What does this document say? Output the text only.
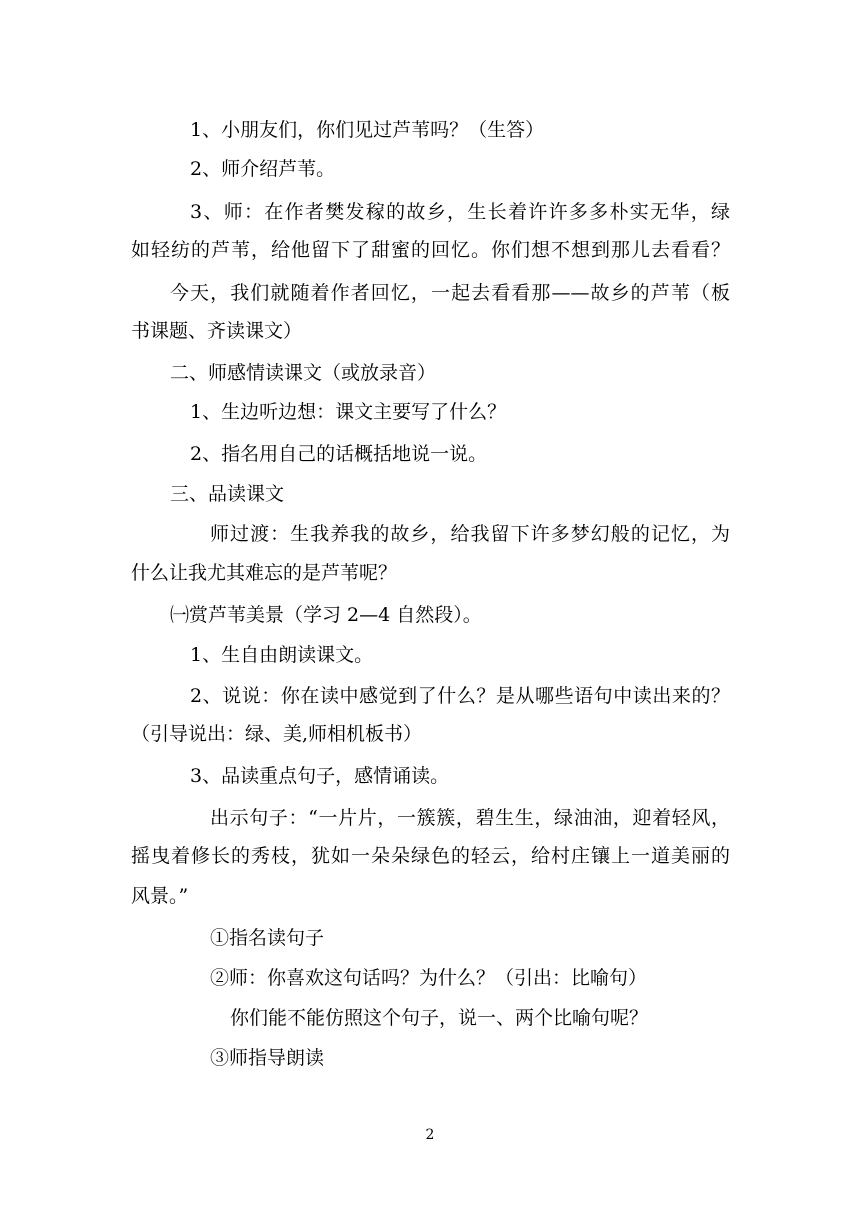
1、小朋友们，你们见过芦苇吗？（生答）
2、师介绍芦苇。
3、师：在作者樊发稼的故乡，生长着许许多多朴实无华，绿
如轻纺的芦苇，给他留下了甜蜜的回忆。你们想不想到那儿去看看？
今天，我们就随着作者回忆，一起去看看那——故乡的芦苇（板
书课题、齐读课文）
二、师感情读课文（或放录音）
1、生边听边想：课文主要写了什么？
2、指名用自己的话概括地说一说。
三、品读课文
师过渡：生我养我的故乡，给我留下许多梦幻般的记忆，为
什么让我尤其难忘的是芦苇呢？
㈠赏芦苇美景（学习 2—4 自然段）。
1、生自由朗读课文。
2、说说：你在读中感觉到了什么？是从哪些语句中读出来的？
（引导说出：绿、美,师相机板书）
3、品读重点句子，感情诵读。
出示句子：“一片片，一簇簇，碧生生，绿油油，迎着轻风，
摇曳着修长的秀枝，犹如一朵朵绿色的轻云，给村庄镶上一道美丽的
风景。”
①指名读句子
②师：你喜欢这句话吗？为什么？（引出：比喻句）
你们能不能仿照这个句子，说一、两个比喻句呢？
③师指导朗读
2
